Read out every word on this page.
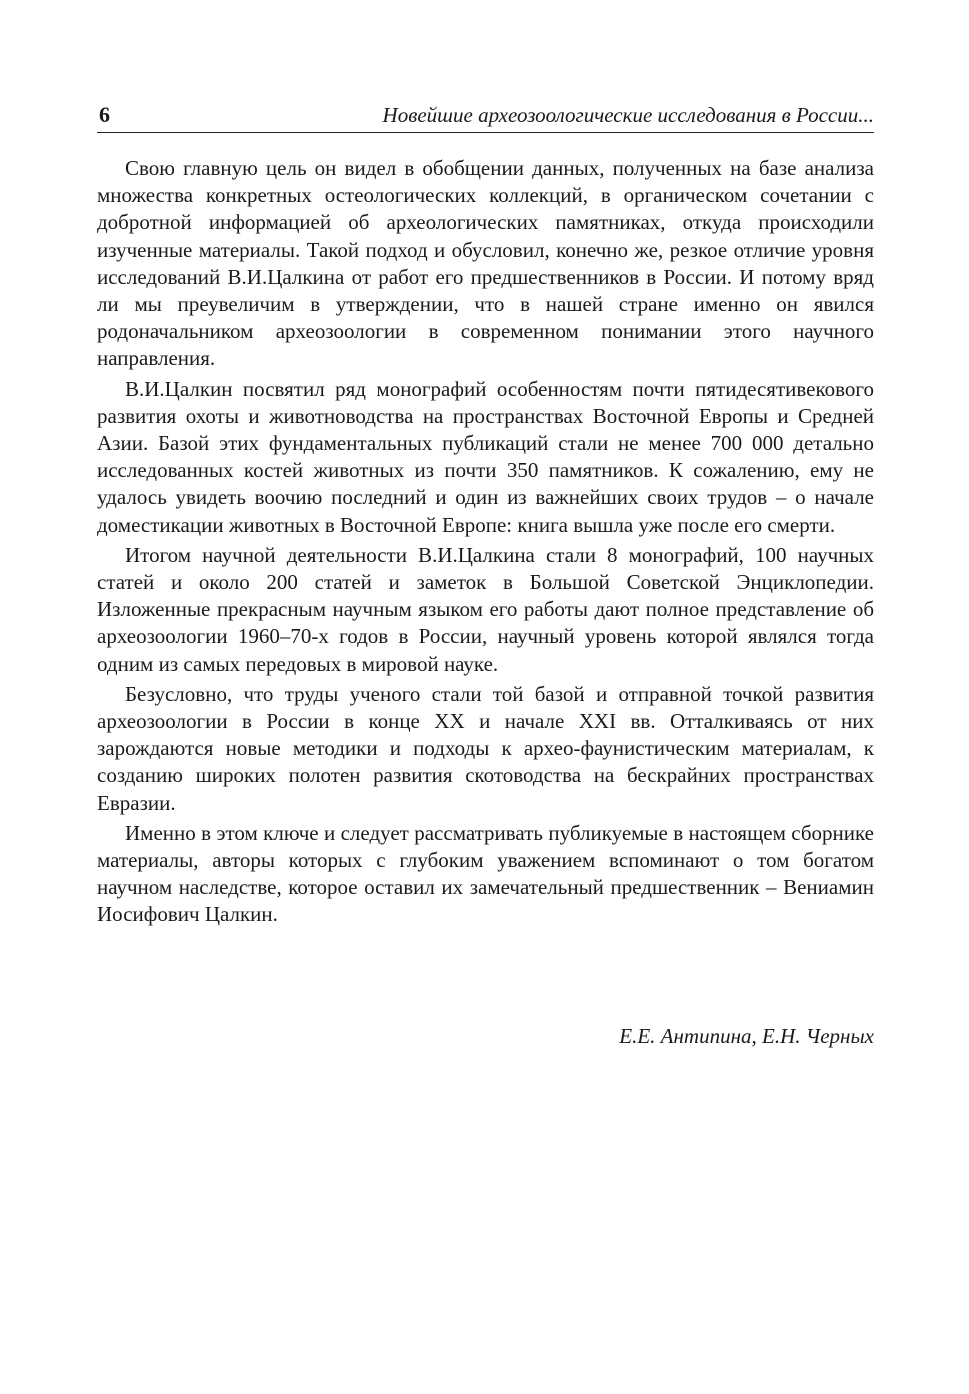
6	Новейшие археозоологические исследования в России...

Свою главную цель он видел в обобщении данных, полученных на базе анализа множества конкретных остеологических коллекций, в органическом сочетании с добротной информацией об археологических памятниках, откуда происходили изученные материалы. Такой подход и обусловил, конечно же, резкое отличие уровня исследований В.И.Цалкина от работ его предшественников в России. И потому вряд ли мы преувеличим в утверждении, что в нашей стране именно он явился родоначальником археозоологии в современном понимании этого научного направления.

В.И.Цалкин посвятил ряд монографий особенностям почти пятидесятивекового развития охоты и животноводства на пространствах Восточной Европы и Средней Азии. Базой этих фундаментальных публикаций стали не менее 700 000 детально исследованных костей животных из почти 350 памятников. К сожалению, ему не удалось увидеть воочию последний и один из важнейших своих трудов – о начале доместикации животных в Восточной Европе: книга вышла уже после его смерти.

Итогом научной деятельности В.И.Цалкина стали 8 монографий, 100 научных статей и около 200 статей и заметок в Большой Советской Энциклопедии. Изложенные прекрасным научным языком его работы дают полное представление об археозоологии 1960–70-х годов в России, научный уровень которой являлся тогда одним из самых передовых в мировой науке.

Безусловно, что труды ученого стали той базой и отправной точкой развития археозоологии в России в конце XX и начале XXI вв. Отталкиваясь от них зарождаются новые методики и подходы к архео-фаунистическим материалам, к созданию широких полотен развития скотоводства на бескрайних пространствах Евразии.

Именно в этом ключе и следует рассматривать публикуемые в настоящем сборнике материалы, авторы которых с глубоким уважением вспоминают о том богатом научном наследстве, которое оставил их замечательный предшественник – Вениамин Иосифович Цалкин.

Е.Е. Антипина, Е.Н. Черных
